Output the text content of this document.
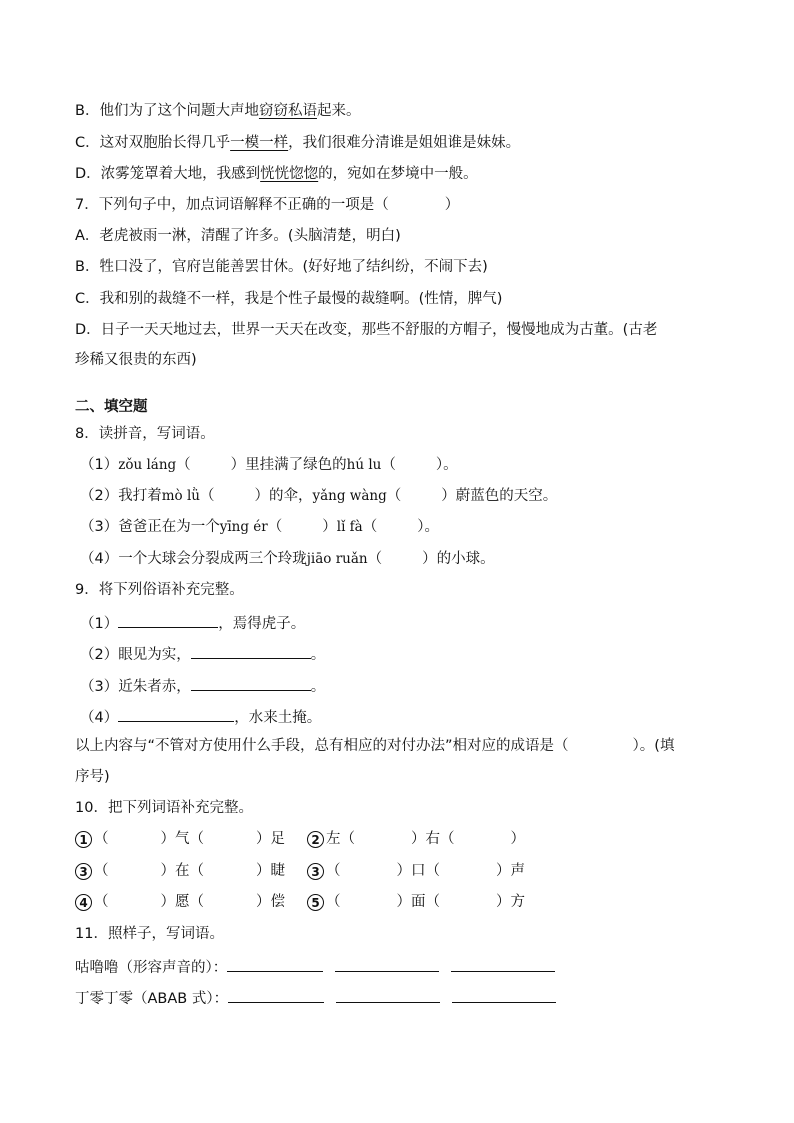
B．他们为了这个问题大声地窃窃私语起来。
C．这对双胞胎长得几乎一模一样，我们很难分清谁是姐姐谁是妹妹。
D．浓雾笼罩着大地，我感到恍恍惚惚的，宛如在梦境中一般。
7．下列句子中，加点词语解释不正确的一项是（	）
A．老虎被雨一淋，清醒了许多。(头脑清楚，明白)
B．牲口没了，官府岂能善罢甘休。(好好地了结纠纷，不闹下去)
C．我和别的裁缝不一样，我是个性子最慢的裁缝啊。(性情，脾气)
D．日子一天天地过去，世界一天天在改变，那些不舒服的方帽子，慢慢地成为古董。(古老
珍稀又很贵的东西)
二、填空题
8．读拼音，写词语。
（1）zǒu láng（	）里挂满了绿色的hú lu（	）。
（2）我打着mò lǜ（	）的伞，yǎng wàng（	）蔚蓝色的天空。
（3）爸爸正在为一个yīng ér（	）lǐ fà（	）。
（4）一个大球会分裂成两三个玲珑jiāo ruǎn（	）的小球。
9．将下列俗语补充完整。
（1）	，焉得虎子。
（2）眼见为实，	。
（3）近朱者赤，	。
（4）	，水来土掩。
以上内容与“不管对方使用什么手段，总有相应的对付办法”相对应的成语是（	）。(填
序号)
10．把下列词语补充完整。
1 （	）气（	）足 2 左（	）右（	）
3 （	）在（	）睫 3 （	）口（	）声
4 （	）愿（	）偿 5 （	）面（	）方
11．照样子，写词语。
咕噜噜（形容声音的）：
丁零丁零（ABAB 式）：
